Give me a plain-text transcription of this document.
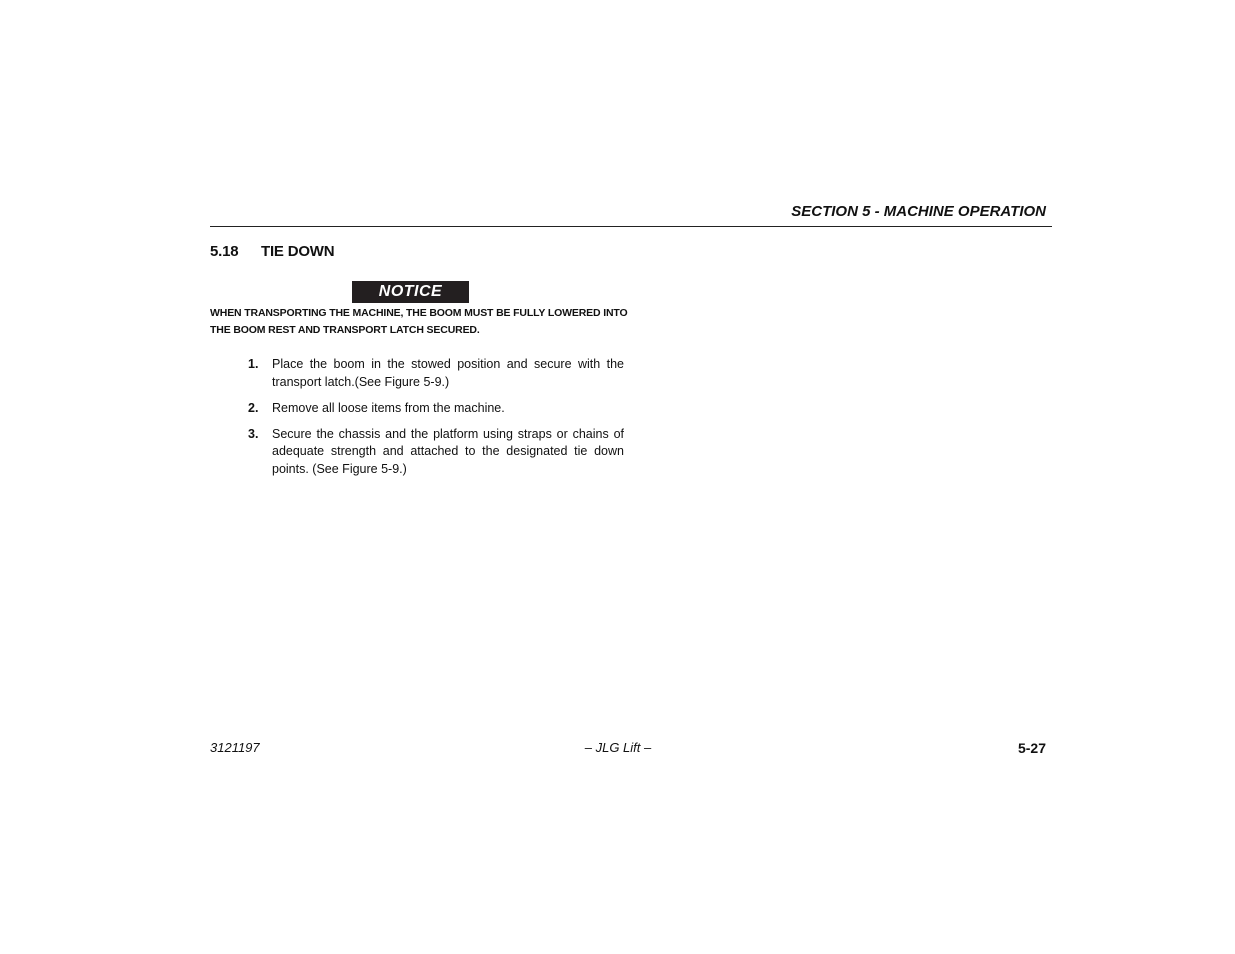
SECTION 5 - MACHINE OPERATION
5.18 TIE DOWN
NOTICE
WHEN TRANSPORTING THE MACHINE, THE BOOM MUST BE FULLY LOWERED INTO THE BOOM REST AND TRANSPORT LATCH SECURED.
1. Place the boom in the stowed position and secure with the transport latch.(See Figure 5-9.)
2. Remove all loose items from the machine.
3. Secure the chassis and the platform using straps or chains of adequate strength and attached to the designated tie down points. (See Figure 5-9.)
3121197	– JLG Lift –	5-27
